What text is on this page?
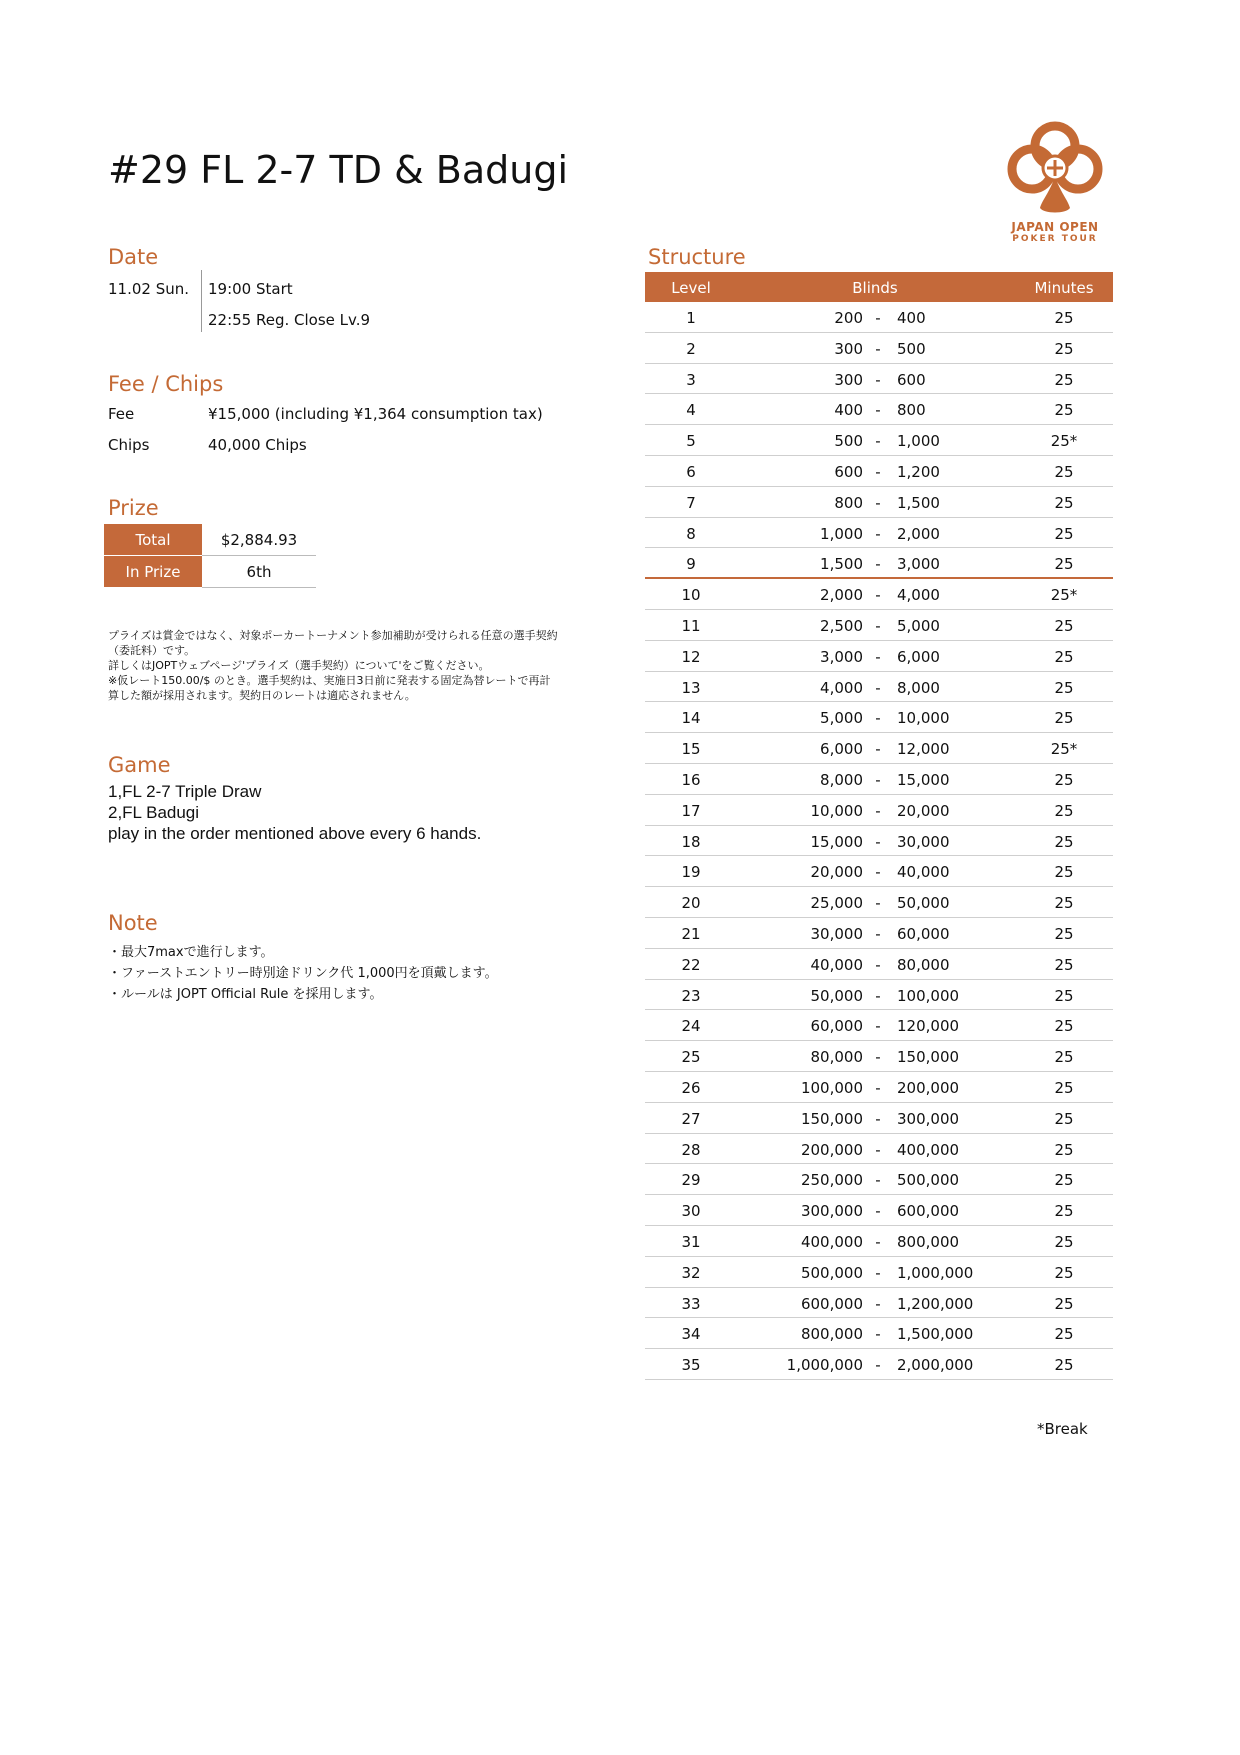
#29 FL 2-7 TD & Badugi
JAPAN OPEN
POKER TOUR
Date
11.02 Sun. 19:00 Start
22:55 Reg. Close Lv.9
Fee / Chips
Fee	¥15,000 (including ¥1,364 consumption tax)
Chips	40,000 Chips
Prize
Total	$2,884.93
In Prize	6th
プライズは賞金ではなく、対象ポーカートーナメント参加補助が受けられる任意の選手契約
（委託料）です。
詳しくはJOPTウェブページ'プライズ（選手契約）について'をご覧ください。
※仮レート150.00/$ のとき。選手契約は、実施日3日前に発表する固定為替レートで再計
算した額が採用されます。契約日のレートは適応されません。
Game
1,FL 2-7 Triple Draw
2,FL Badugi
play in the order mentioned above every 6 hands.
Note
・最大7maxで進行します。
・ファーストエントリー時別途ドリンク代 1,000円を頂戴します。
・ルールは JOPT Official Rule を採用します。
Structure
Level	Blinds	Minutes
1	200 -	400	25
2	300 -	500	25
3	300 -	600	25
4	400 -	800	25
5	500 -	1,000	25*
6	600 -	1,200	25
7	800 -	1,500	25
8	1,000 -	2,000	25
9	1,500 -	3,000	25
10	2,000 -	4,000	25*
11	2,500 -	5,000	25
12	3,000 -	6,000	25
13	4,000 -	8,000	25
14	5,000 -	10,000	25
15	6,000 -	12,000	25*
16	8,000 -	15,000	25
17	10,000 -	20,000	25
18	15,000 -	30,000	25
19	20,000 -	40,000	25
20	25,000 -	50,000	25
21	30,000 -	60,000	25
22	40,000 -	80,000	25
23	50,000 -	100,000	25
24	60,000 -	120,000	25
25	80,000 -	150,000	25
26	100,000 -	200,000	25
27	150,000 -	300,000	25
28	200,000 -	400,000	25
29	250,000 -	500,000	25
30	300,000 -	600,000	25
31	400,000 -	800,000	25
32	500,000 -	1,000,000	25
33	600,000 -	1,200,000	25
34	800,000 -	1,500,000	25
35	1,000,000 -	2,000,000	25
*Break
